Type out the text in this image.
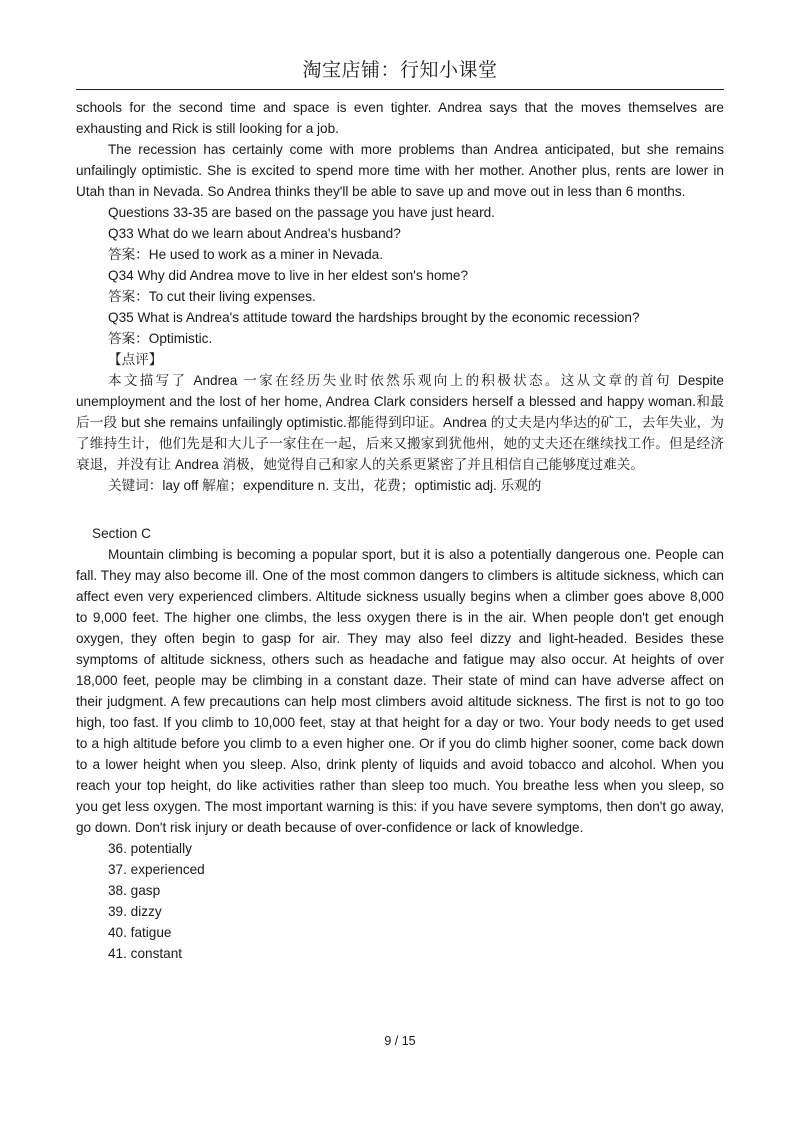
淘宝店铺：行知小课堂

schools for the second time and space is even tighter. Andrea says that the moves themselves are exhausting and Rick is still looking for a job.

The recession has certainly come with more problems than Andrea anticipated, but she remains unfailingly optimistic. She is excited to spend more time with her mother. Another plus, rents are lower in Utah than in Nevada. So Andrea thinks they'll be able to save up and move out in less than 6 months.

Questions 33-35 are based on the passage you have just heard.

Q33 What do we learn about Andrea's husband?

答案：He used to work as a miner in Nevada.

Q34 Why did Andrea move to live in her eldest son's home?

答案：To cut their living expenses.

Q35 What is Andrea's attitude toward the hardships brought by the economic recession?

答案：Optimistic.

【点评】

本文描写了 Andrea 一家在经历失业时依然乐观向上的积极状态。这从文章的首句 Despite unemployment and the lost of her home, Andrea Clark considers herself a blessed and happy woman.和最后一段 but she remains unfailingly optimistic.都能得到印证。Andrea 的丈夫是内华达的矿工，去年失业，为了维持生计，他们先是和大儿子一家住在一起，后来又搬家到犹他州，她的丈夫还在继续找工作。但是经济衰退，并没有让 Andrea 消极，她觉得自己和家人的关系更紧密了并且相信自己能够度过难关。

关键词：lay off 解雇；expenditure n. 支出，花费；optimistic adj. 乐观的

Section C

Mountain climbing is becoming a popular sport, but it is also a potentially dangerous one. People can fall. They may also become ill. One of the most common dangers to climbers is altitude sickness, which can affect even very experienced climbers. Altitude sickness usually begins when a climber goes above 8,000 to 9,000 feet. The higher one climbs, the less oxygen there is in the air. When people don't get enough oxygen, they often begin to gasp for air. They may also feel dizzy and light-headed. Besides these symptoms of altitude sickness, others such as headache and fatigue may also occur. At heights of over 18,000 feet, people may be climbing in a constant daze. Their state of mind can have adverse affect on their judgment. A few precautions can help most climbers avoid altitude sickness. The first is not to go too high, too fast. If you climb to 10,000 feet, stay at that height for a day or two. Your body needs to get used to a high altitude before you climb to a even higher one. Or if you do climb higher sooner, come back down to a lower height when you sleep. Also, drink plenty of liquids and avoid tobacco and alcohol. When you reach your top height, do like activities rather than sleep too much. You breathe less when you sleep, so you get less oxygen. The most important warning is this: if you have severe symptoms, then don't go away, go down. Don't risk injury or death because of over-confidence or lack of knowledge.

36. potentially

37. experienced

38. gasp

39. dizzy

40. fatigue

41. constant

9 / 15
